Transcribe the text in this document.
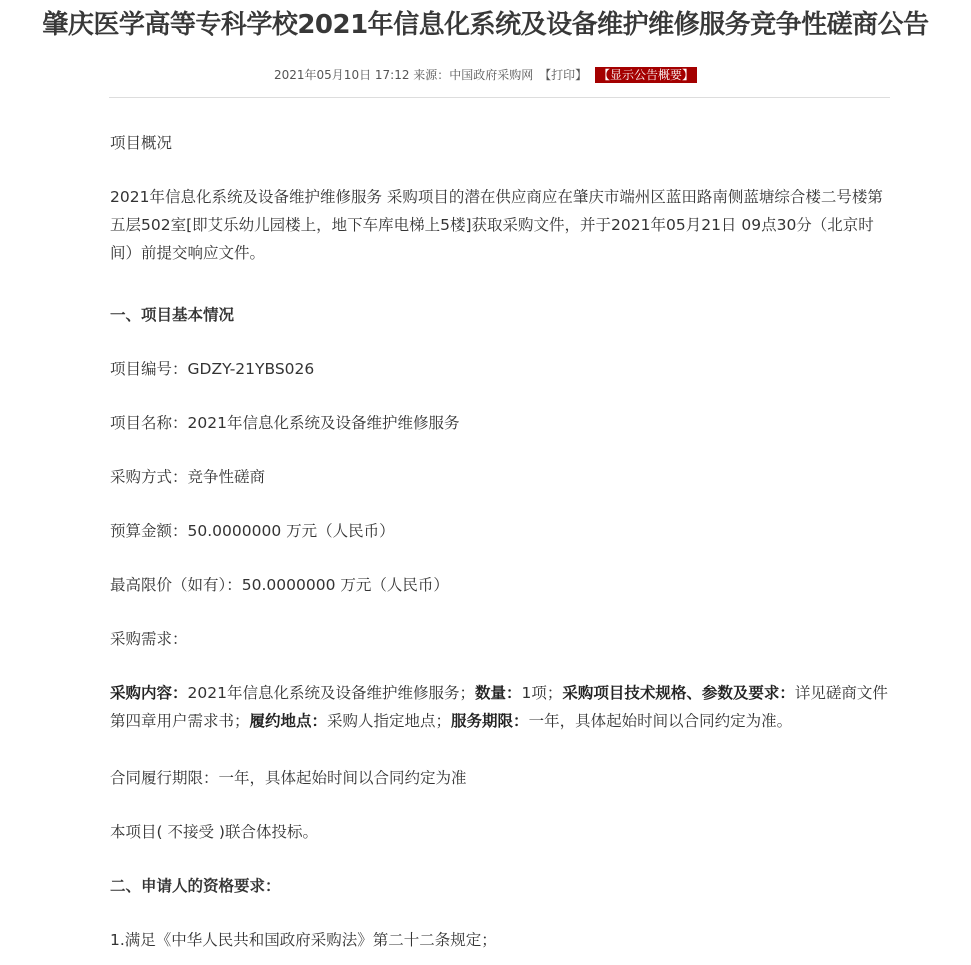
肇庆医学高等专科学校2021年信息化系统及设备维护维修服务竞争性磋商公告
2021年05月10日 17:12 来源：中国政府采购网 【打印】 【显示公告概要】
项目概况
2021年信息化系统及设备维护维修服务 采购项目的潜在供应商应在肇庆市端州区蓝田路南侧蓝塘综合楼二号楼第五层502室[即艾乐幼儿园楼上，地下车库电梯上5楼]获取采购文件，并于2021年05月21日 09点30分（北京时间）前提交响应文件。
一、项目基本情况
项目编号：GDZY-21YBS026
项目名称：2021年信息化系统及设备维护维修服务
采购方式：竞争性磋商
预算金额：50.0000000 万元（人民币）
最高限价（如有）：50.0000000 万元（人民币）
采购需求：
采购内容：2021年信息化系统及设备维护维修服务；数量：1项；采购项目技术规格、参数及要求：详见磋商文件第四章用户需求书；履约地点：采购人指定地点；服务期限：一年，具体起始时间以合同约定为准。
合同履行期限：一年，具体起始时间以合同约定为准
本项目( 不接受 )联合体投标。
二、申请人的资格要求：
1.满足《中华人民共和国政府采购法》第二十二条规定；
